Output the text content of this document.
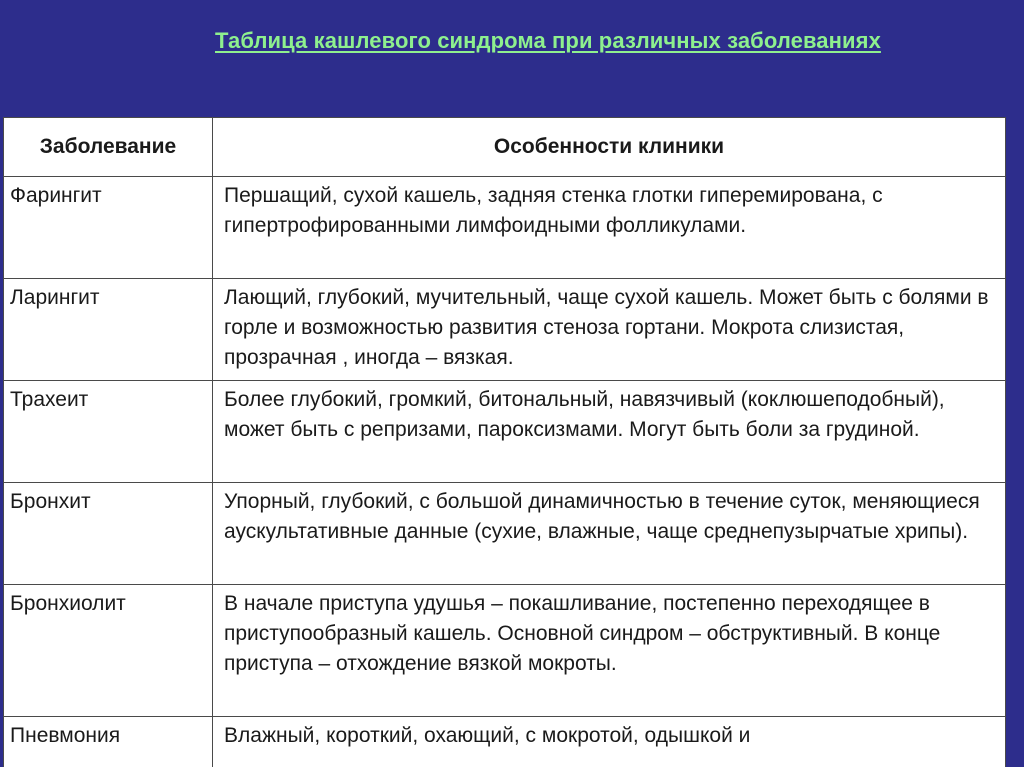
Таблица кашлевого синдрома при различных заболеваниях
Заболевание	Особенности клиники
Фарингит	Першащий, сухой кашель, задняя стенка глотки гиперемирована, с гипертрофированными лимфоидными фолликулами.
Ларингит	Лающий, глубокий, мучительный, чаще сухой кашель. Может быть с болями в горле и возможностью развития стеноза гортани. Мокрота слизистая, прозрачная , иногда – вязкая.
Трахеит	Более глубокий, громкий, битональный, навязчивый (коклюшеподобный), может быть с репризами, пароксизмами. Могут быть боли за грудиной.
Бронхит	Упорный, глубокий, с большой динамичностью в течение суток, меняющиеся аускультативные данные (сухие, влажные, чаще среднепузырчатые хрипы).
Бронхиолит	В начале приступа удушья – покашливание, постепенно переходящее в приступообразный кашель. Основной синдром – обструктивный. В конце приступа – отхождение вязкой мокроты.
Пневмония	Влажный, короткий, охающий, с мокротой, одышкой и
